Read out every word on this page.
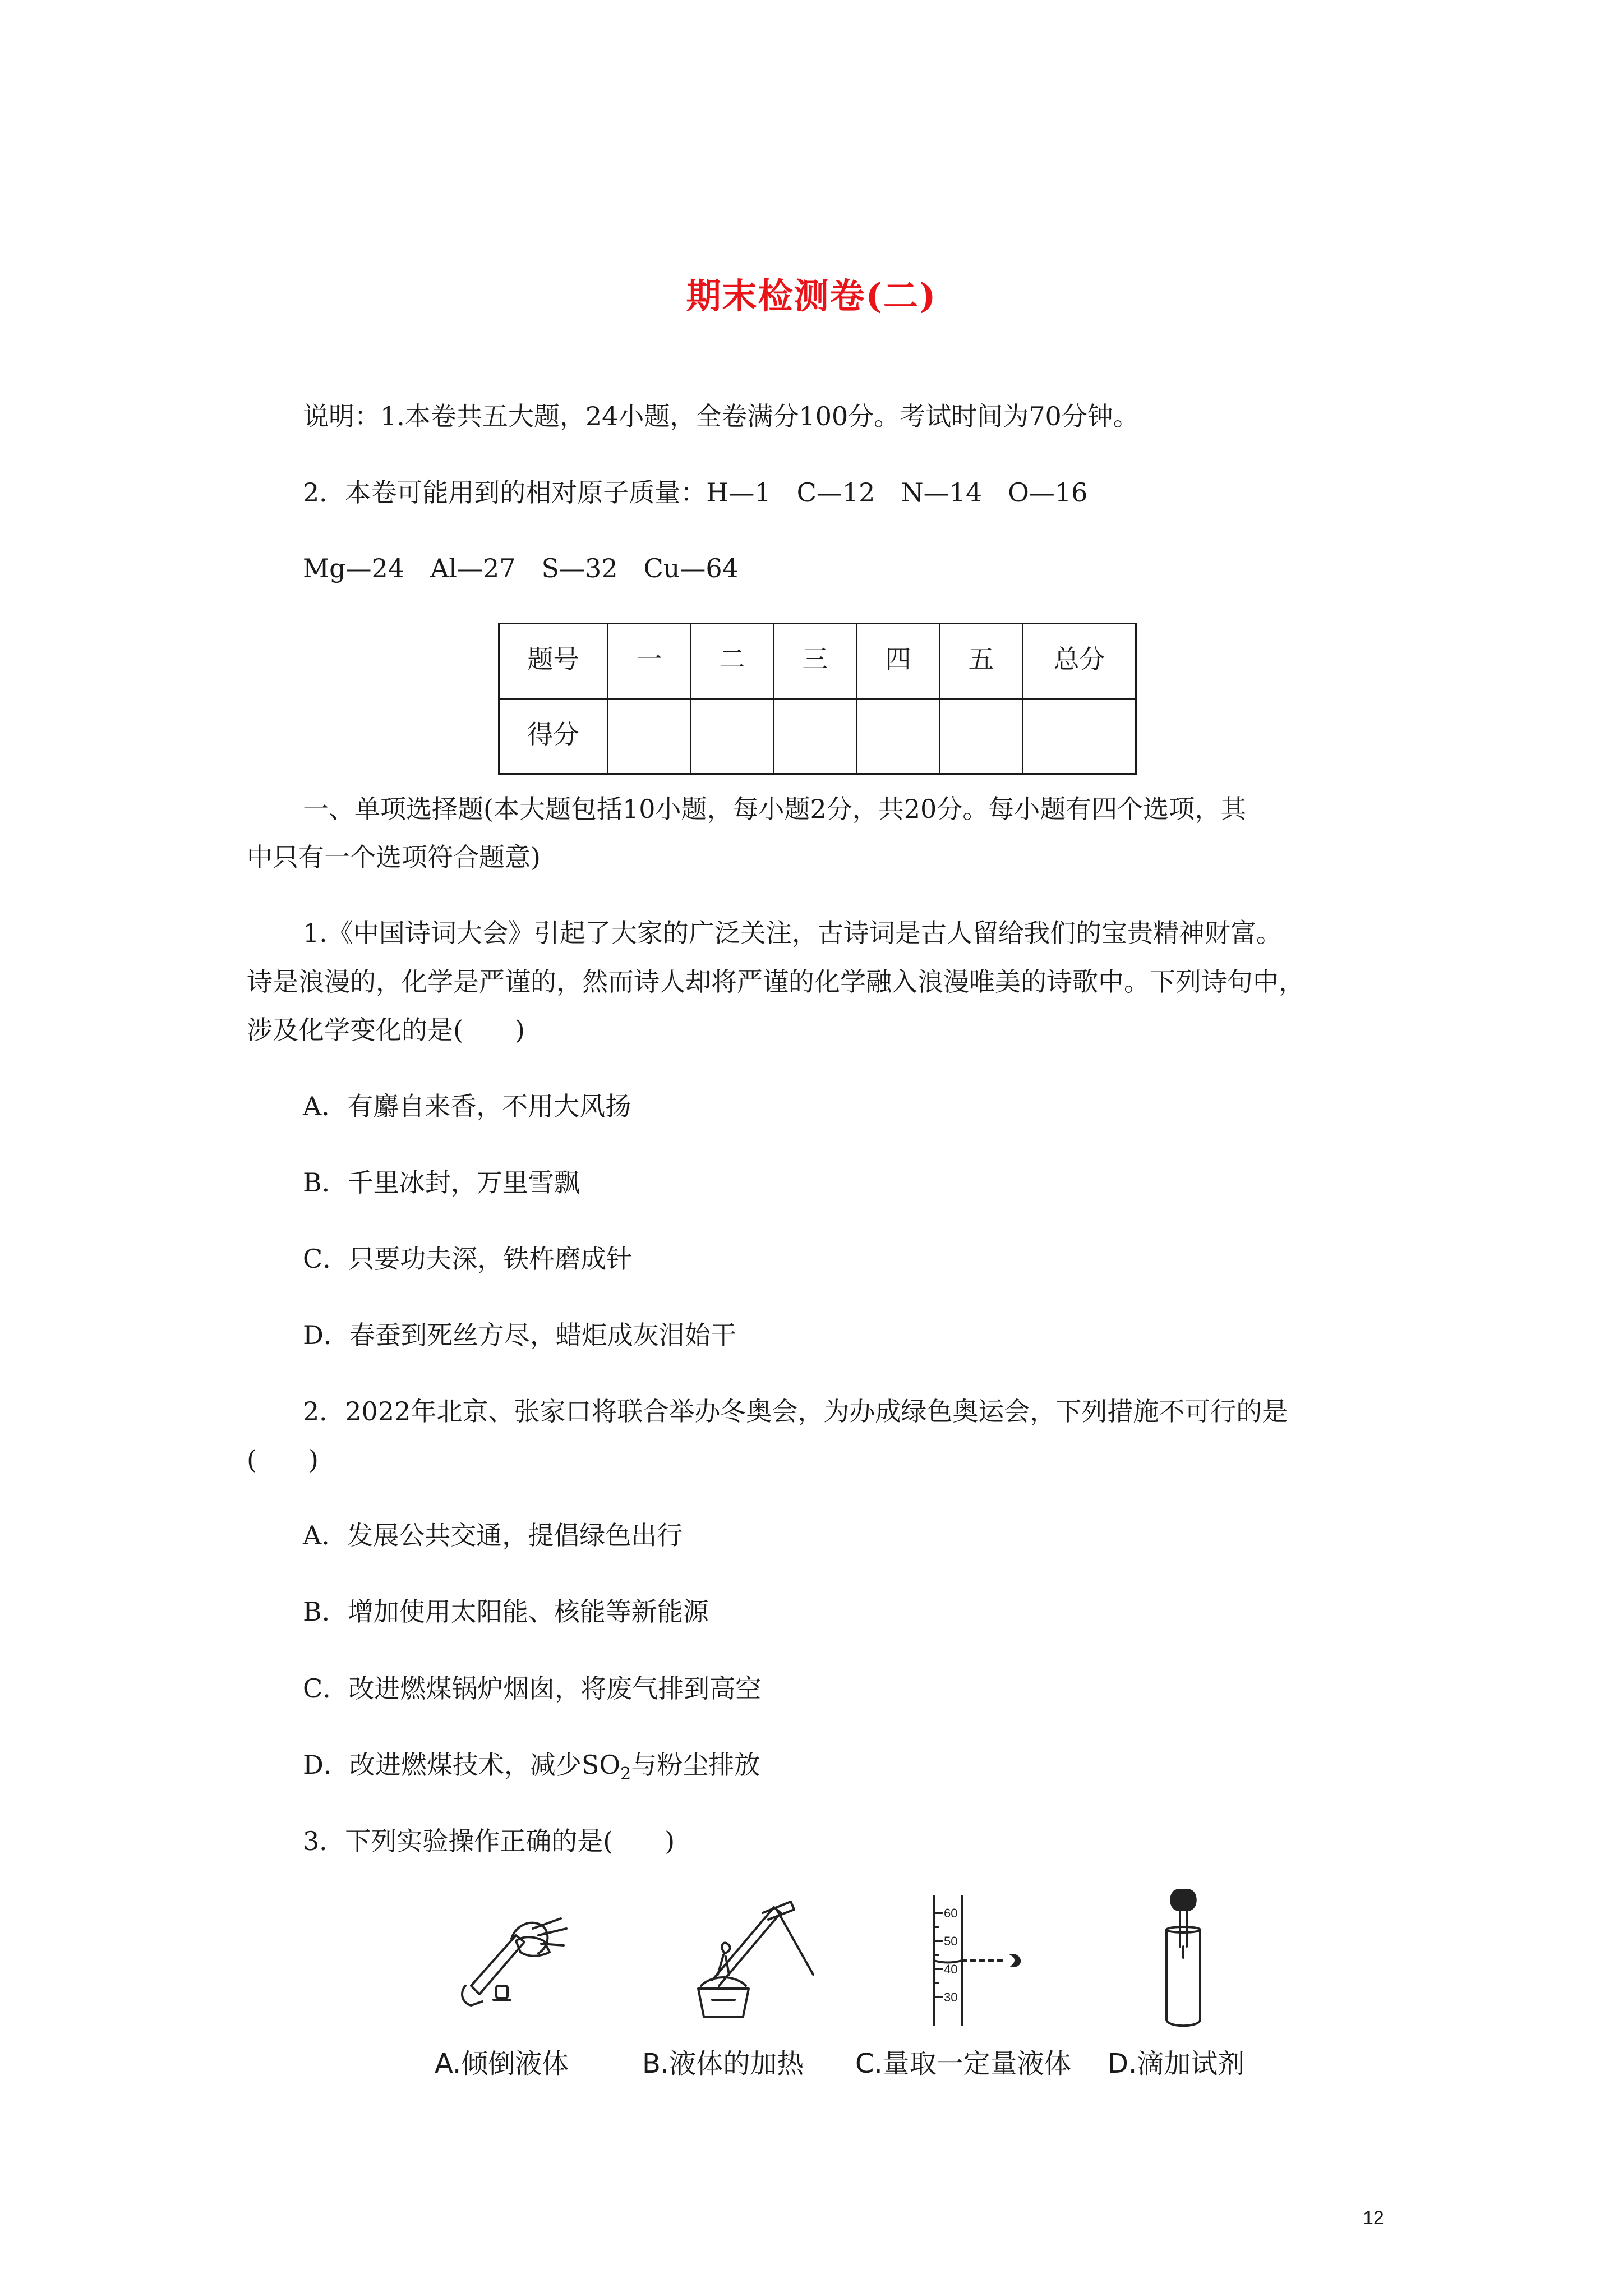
期末检测卷(二)
说明：1.本卷共五大题，24小题，全卷满分100分。考试时间为70分钟。
2．本卷可能用到的相对原子质量：H—1　C—12　N—14　O—16
Mg—24　Al—27　S—32　Cu—64
题号	一	二	三	四	五	总分
得分						
一、单项选择题(本大题包括10小题，每小题2分，共20分。每小题有四个选项，其
中只有一个选项符合题意)
1.《中国诗词大会》引起了大家的广泛关注，古诗词是古人留给我们的宝贵精神财富。
诗是浪漫的，化学是严谨的，然而诗人却将严谨的化学融入浪漫唯美的诗歌中。下列诗句中，
涉及化学变化的是(　　)
A．有麝自来香，不用大风扬
B．千里冰封，万里雪飘
C．只要功夫深，铁杵磨成针
D．春蚕到死丝方尽，蜡炬成灰泪始干
2．2022年北京、张家口将联合举办冬奥会，为办成绿色奥运会，下列措施不可行的是
(　　)
A．发展公共交通，提倡绿色出行
B．增加使用太阳能、核能等新能源
C．改进燃煤锅炉烟囱，将废气排到高空
D．改进燃煤技术，减少$SO_2$与粉尘排放
3．下列实验操作正确的是(　　)
60
50
40
30
A.倾倒液体	B.液体的加热 C.量取一定量液体 D.滴加试剂
12
